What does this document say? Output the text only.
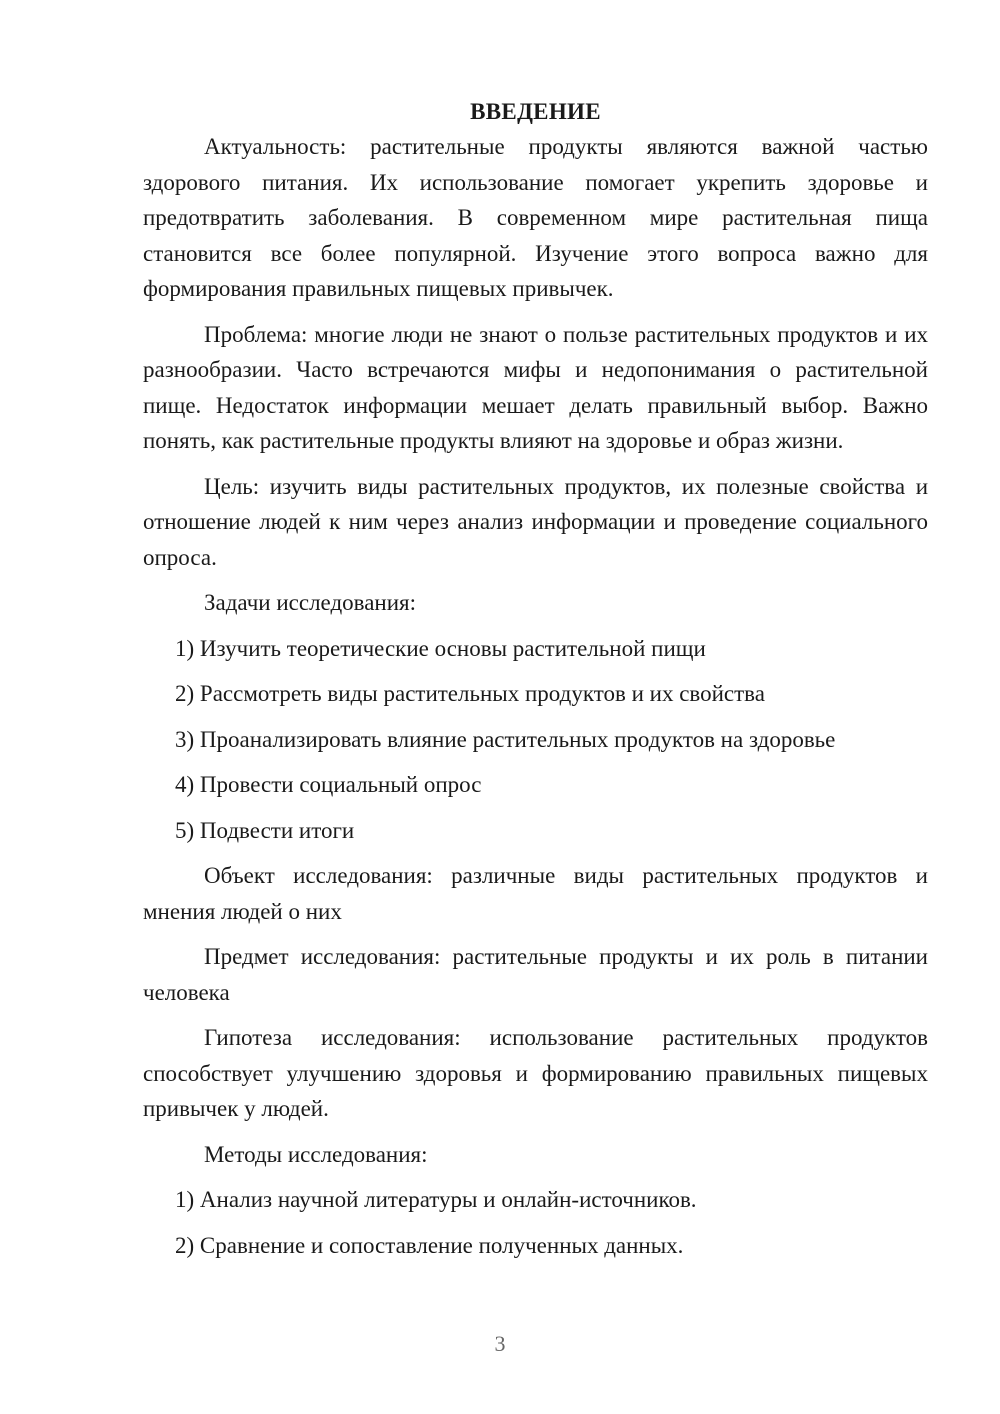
ВВЕДЕНИЕ

Актуальность: растительные продукты являются важной частью здорового питания. Их использование помогает укрепить здоровье и предотвратить заболевания. В современном мире растительная пища становится все более популярной. Изучение этого вопроса важно для формирования правильных пищевых привычек.

Проблема: многие люди не знают о пользе растительных продуктов и их разнообразии. Часто встречаются мифы и недопонимания о растительной пище. Недостаток информации мешает делать правильный выбор. Важно понять, как растительные продукты влияют на здоровье и образ жизни.

Цель: изучить виды растительных продуктов, их полезные свойства и отношение людей к ним через анализ информации и проведение социального опроса.

Задачи исследования:

1) Изучить теоретические основы растительной пищи

2) Рассмотреть виды растительных продуктов и их свойства

3) Проанализировать влияние растительных продуктов на здоровье

4) Провести социальный опрос

5) Подвести итоги

Объект исследования: различные виды растительных продуктов и мнения людей о них

Предмет исследования: растительные продукты и их роль в питании человека

Гипотеза исследования: использование растительных продуктов способствует улучшению здоровья и формированию правильных пищевых привычек у людей.

Методы исследования:

1) Анализ научной литературы и онлайн-источников.

2) Сравнение и сопоставление полученных данных.

3
